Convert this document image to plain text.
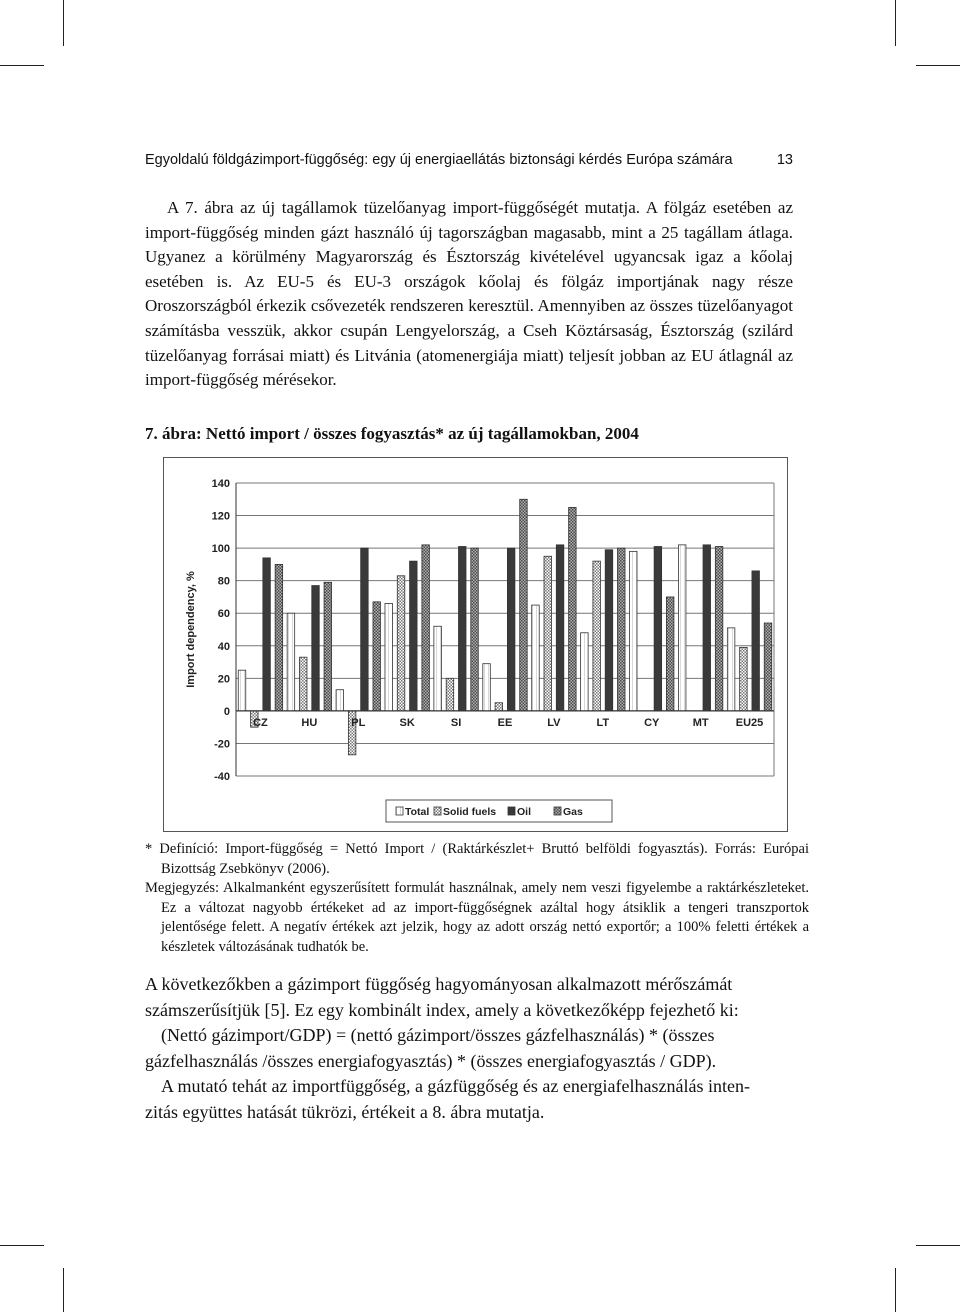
Egyoldalú földgázimport-függőség: egy új energiaellátás biztonsági kérdés Európa számára	13
A 7. ábra az új tagállamok tüzelőanyag import-függőségét mutatja. A fölgáz esetében az import-függőség minden gázt használó új tagországban magasabb, mint a 25 tagállam átlaga. Ugyanez a körülmény Magyarország és Észtország kivételével ugyancsak igaz a kőolaj esetében is. Az EU-5 és EU-3 országok kőolaj és fölgáz importjának nagy része Oroszországból érkezik csővezeték rendszeren keresztül. Amennyiben az összes tüzelőanyagot számításba vesszük, akkor csupán Lengyelország, a Cseh Köztársaság, Észtország (szilárd tüzelőanyag forrásai miatt) és Litvánia (atomenergiája miatt) teljesít jobban az EU átlagnál az import-függőség mérésekor.
7. ábra: Nettó import / összes fogyasztás* az új tagállamokban, 2004
-40
-20
0
20
40
60
80
100
120
140
Import dependency, %
CZ	HU	PL	SK	SI	EE	LV	LT	CY	MT EU25
Total Solid fuels Oil	Gas
* Definíció: Import-függőség = Nettó Import / (Raktárkészlet+ Bruttó belföldi fogyasztás). Forrás: Európai Bizottság Zsebkönyv (2006).
Megjegyzés: Alkalmanként egyszerűsített formulát használnak, amely nem veszi figyelembe a raktárkészleteket. Ez a változat nagyobb értékeket ad az import-függőségnek azáltal hogy átsiklik a tengeri transzportok jelentősége felett. A negatív értékek azt jelzik, hogy az adott ország nettó exportőr; a 100% feletti értékek a készletek változásának tudhatók be.
A következőkben a gázimport függőség hagyományosan alkalmazott mérőszámát
számszerűsítjük [5]. Ez egy kombinált index, amely a következőképp fejezhető ki:
(Nettó gázimport/GDP) = (nettó gázimport/összes gázfelhasználás) * (összes
gázfelhasználás /összes energiafogyasztás) * (összes energiafogyasztás / GDP).
A mutató tehát az importfüggőség, a gázfüggőség és az energiafelhasználás inten-
zitás együttes hatását tükrözi, értékeit a 8. ábra mutatja.
